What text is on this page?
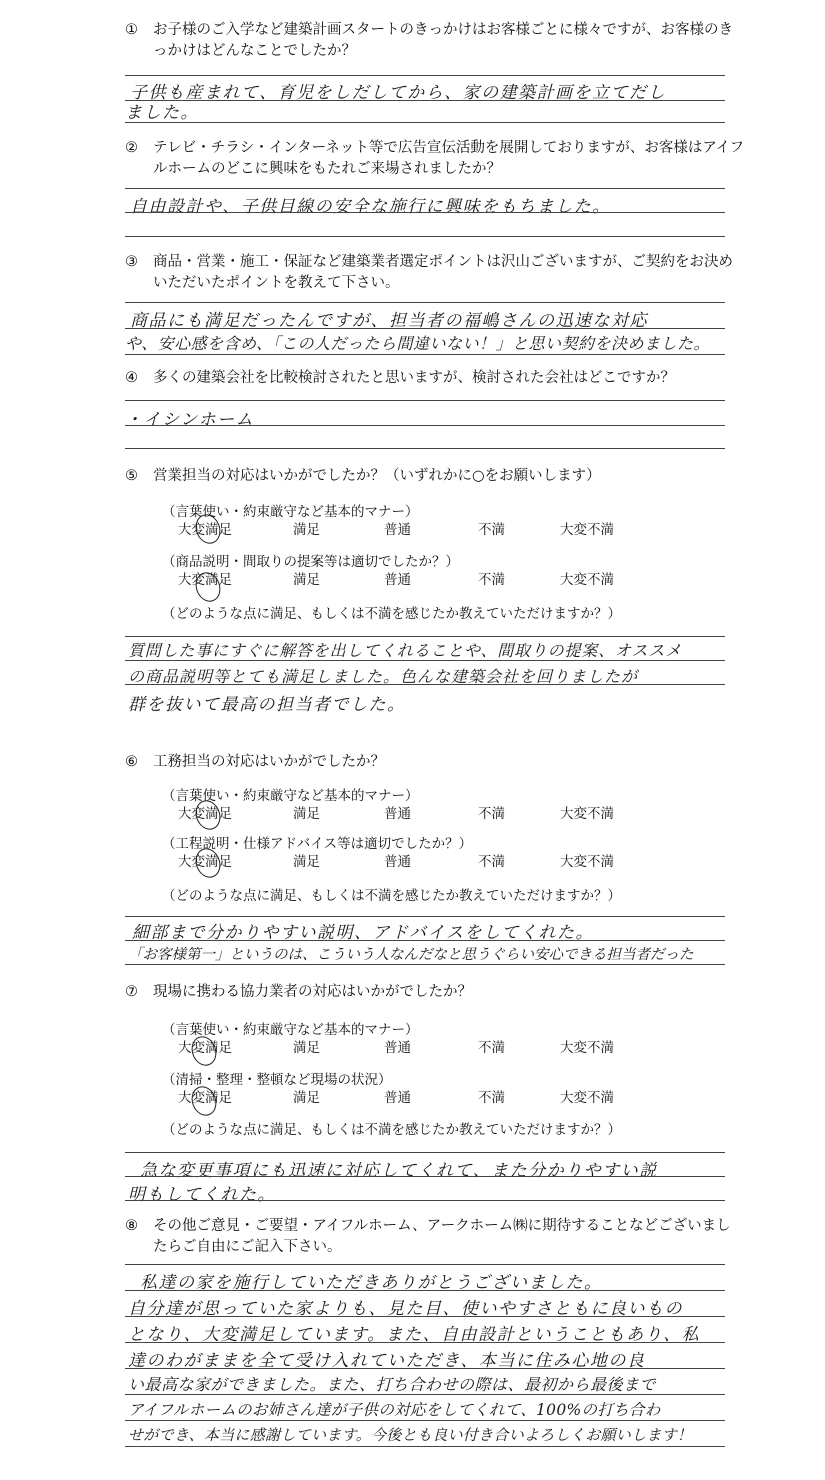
①	お子様のご入学など建築計画スタートのきっかけはお客様ごとに様々ですが、お客様のきっかけはどんなことでしたか？
子供も産まれて、育児をしだしてから、家の建築計画を立てだし
ました。
②	テレビ・チラシ・インターネット等で広告宣伝活動を展開しておりますが、お客様はアイフルホームのどこに興味をもたれご来場されましたか？
自由設計や、子供目線の安全な施行に興味をもちました。
③	商品・営業・施工・保証など建築業者選定ポイントは沢山ございますが、ご契約をお決めいただいたポイントを教えて下さい。
商品にも満足だったんですが、担当者の福嶋さんの迅速な対応
や、安心感を含め、「この人だったら間違いない！」と思い契約を決めました。
④	多くの建築会社を比較検討されたと思いますが、検討された会社はどこですか？
・イシンホーム
⑤	営業担当の対応はいかがでしたか？（いずれかに○をお願いします）
（言葉使い・約束厳守など基本的マナー）
大変満足	満足	普通	不満	大変不満
（商品説明・間取りの提案等は適切でしたか？）
大変満足	満足	普通	不満	大変不満
（どのような点に満足、もしくは不満を感じたか教えていただけますか？）
質問した事にすぐに解答を出してくれることや、間取りの提案、オススメ
の商品説明等とても満足しました。色んな建築会社を回りましたが
群を抜いて最高の担当者でした。
⑥	工務担当の対応はいかがでしたか？
（言葉使い・約束厳守など基本的マナー）
大変満足	満足	普通	不満	大変不満
（工程説明・仕様アドバイス等は適切でしたか？）
大変満足	満足	普通	不満	大変不満
（どのような点に満足、もしくは不満を感じたか教えていただけますか？）
細部まで分かりやすい説明、アドバイスをしてくれた。
「お客様第一」というのは、こういう人なんだなと思うぐらい安心できる担当者だった
⑦	現場に携わる協力業者の対応はいかがでしたか？
（言葉使い・約束厳守など基本的マナー）
大変満足	満足	普通	不満	大変不満
（清掃・整理・整頓など現場の状況）
大変満足	満足	普通	不満	大変不満
（どのような点に満足、もしくは不満を感じたか教えていただけますか？）
急な変更事項にも迅速に対応してくれて、また分かりやすい説
明もしてくれた。
⑧	その他ご意見・ご要望・アイフルホーム、アークホーム㈱に期待することなどございましたらご自由にご記入下さい。
私達の家を施行していただきありがとうございました。
自分達が思っていた家よりも、見た目、使いやすさともに良いもの
となり、大変満足しています。また、自由設計ということもあり、私
達のわがままを全て受け入れていただき、本当に住み心地の良
い最高な家ができました。また、打ち合わせの際は、最初から最後まで
アイフルホームのお姉さん達が子供の対応をしてくれて、100%の打ち合わ
せができ、本当に感謝しています。今後とも良い付き合いよろしくお願いします！
